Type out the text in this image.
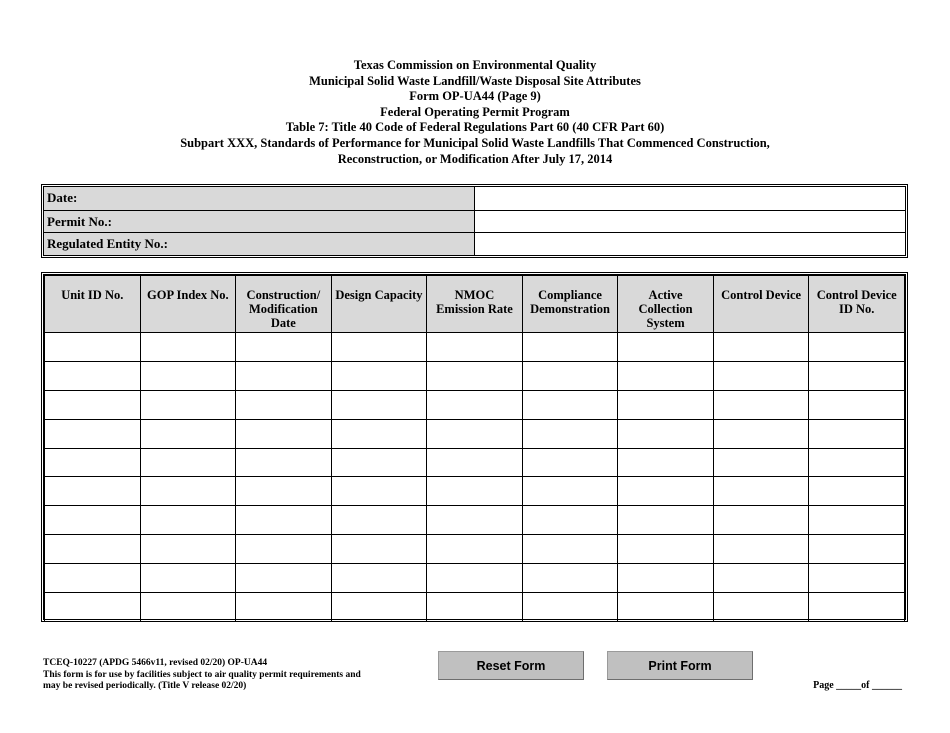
Texas Commission on Environmental Quality
Municipal Solid Waste Landfill/Waste Disposal Site Attributes
Form OP-UA44 (Page 9)
Federal Operating Permit Program
Table 7: Title 40 Code of Federal Regulations Part 60 (40 CFR Part 60)
Subpart XXX, Standards of Performance for Municipal Solid Waste Landfills That Commenced Construction,
Reconstruction, or Modification After July 17, 2014
Date:
Permit No.:
Regulated Entity No.:
Unit ID No.	GOP Index No.	Construction/ Modification Date	Design Capacity	NMOC Emission Rate	Compliance Demonstration	Active Collection System	Control Device	Control Device ID No.

TCEQ-10227 (APDG 5466v11, revised 02/20) OP-UA44
This form is for use by facilities subject to air quality permit requirements and
may be revised periodically. (Title V release 02/20)
Reset Form	Print Form
Page _____of ______
